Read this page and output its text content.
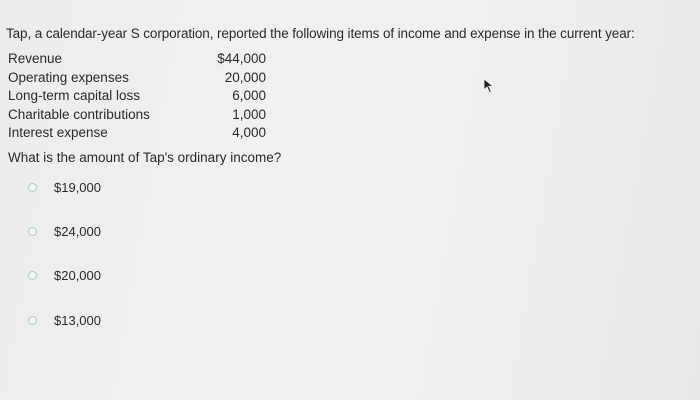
Tap, a calendar-year S corporation, reported the following items of income and expense in the current year:
Revenue	$44,000
Operating expenses	20,000
Long-term capital loss	6,000
Charitable contributions	1,000
Interest expense	4,000
What is the amount of Tap's ordinary income?
$19,000
$24,000
$20,000
$13,000
